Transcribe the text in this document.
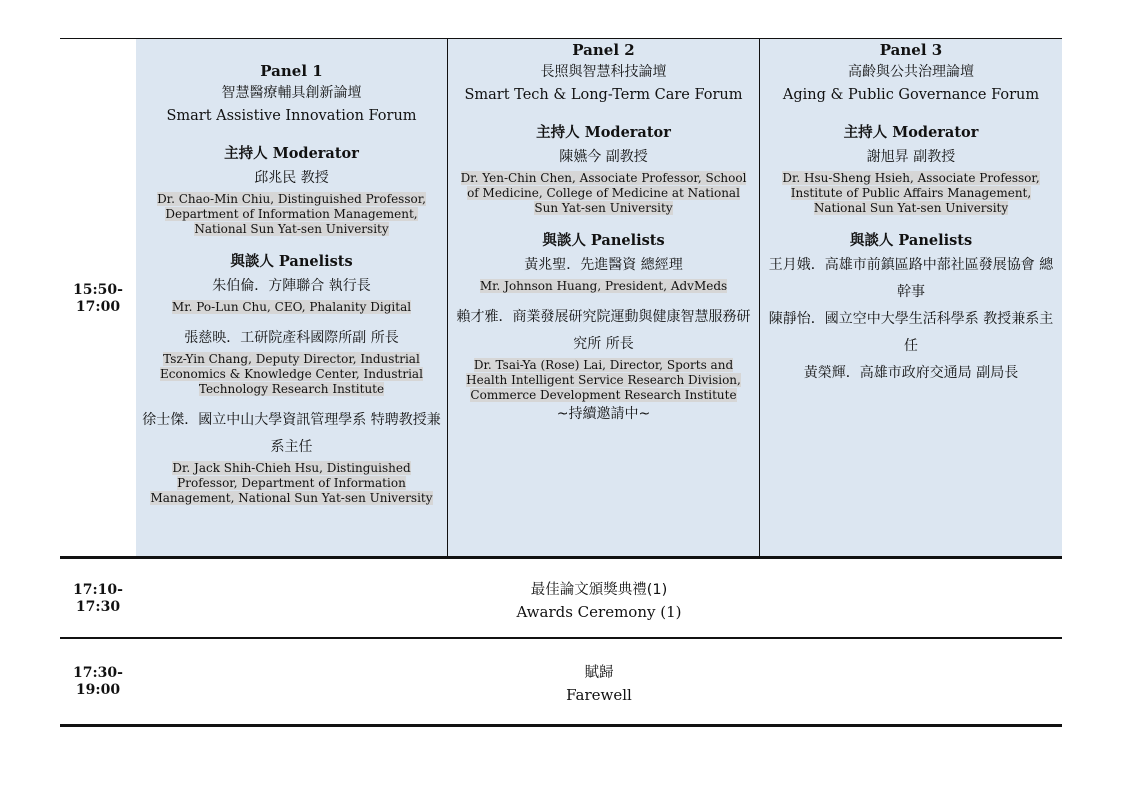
15:50-
17:00
17:10-
17:30
17:30-
19:00
Panel 1
智慧醫療輔具創新論壇
Smart Assistive Innovation Forum
主持人 Moderator
邱兆民 教授
Dr. Chao-Min Chiu, Distinguished Professor, Department of Information Management, National Sun Yat-sen University
與談人 Panelists
朱伯倫．方陣聯合 執行長
Mr. Po-Lun Chu, CEO, Phalanity Digital
張慈映．工研院產科國際所副 所長
Tsz-Yin Chang, Deputy Director, Industrial Economics & Knowledge Center, Industrial Technology Research Institute
徐士傑．國立中山大學資訊管理學系 特聘教授兼系主任
Dr. Jack Shih-Chieh Hsu, Distinguished Professor, Department of Information Management, National Sun Yat-sen University
Panel 2
長照與智慧科技論壇
Smart Tech & Long-Term Care Forum
主持人 Moderator
陳嬿今 副教授
Dr. Yen-Chin Chen, Associate Professor, School of Medicine, College of Medicine at National Sun Yat-sen University
與談人 Panelists
黃兆聖．先進醫資 總經理
Mr. Johnson Huang, President, AdvMeds
賴才雅．商業發展研究院運動與健康智慧服務研究所 所長
Dr. Tsai-Ya (Rose) Lai, Director, Sports and Health Intelligent Service Research Division, Commerce Development Research Institute
~持續邀請中~
Panel 3
高齡與公共治理論壇
Aging & Public Governance Forum
主持人 Moderator
謝旭昇 副教授
Dr. Hsu-Sheng Hsieh, Associate Professor, Institute of Public Affairs Management, National Sun Yat-sen University
與談人 Panelists
王月娥．高雄市前鎮區路中蔀社區發展協會 總幹事
陳靜怡．國立空中大學生活科學系 教授兼系主任
黃榮輝．高雄市政府交通局 副局長
最佳論文頒獎典禮(1)
Awards Ceremony (1)
賦歸
Farewell
